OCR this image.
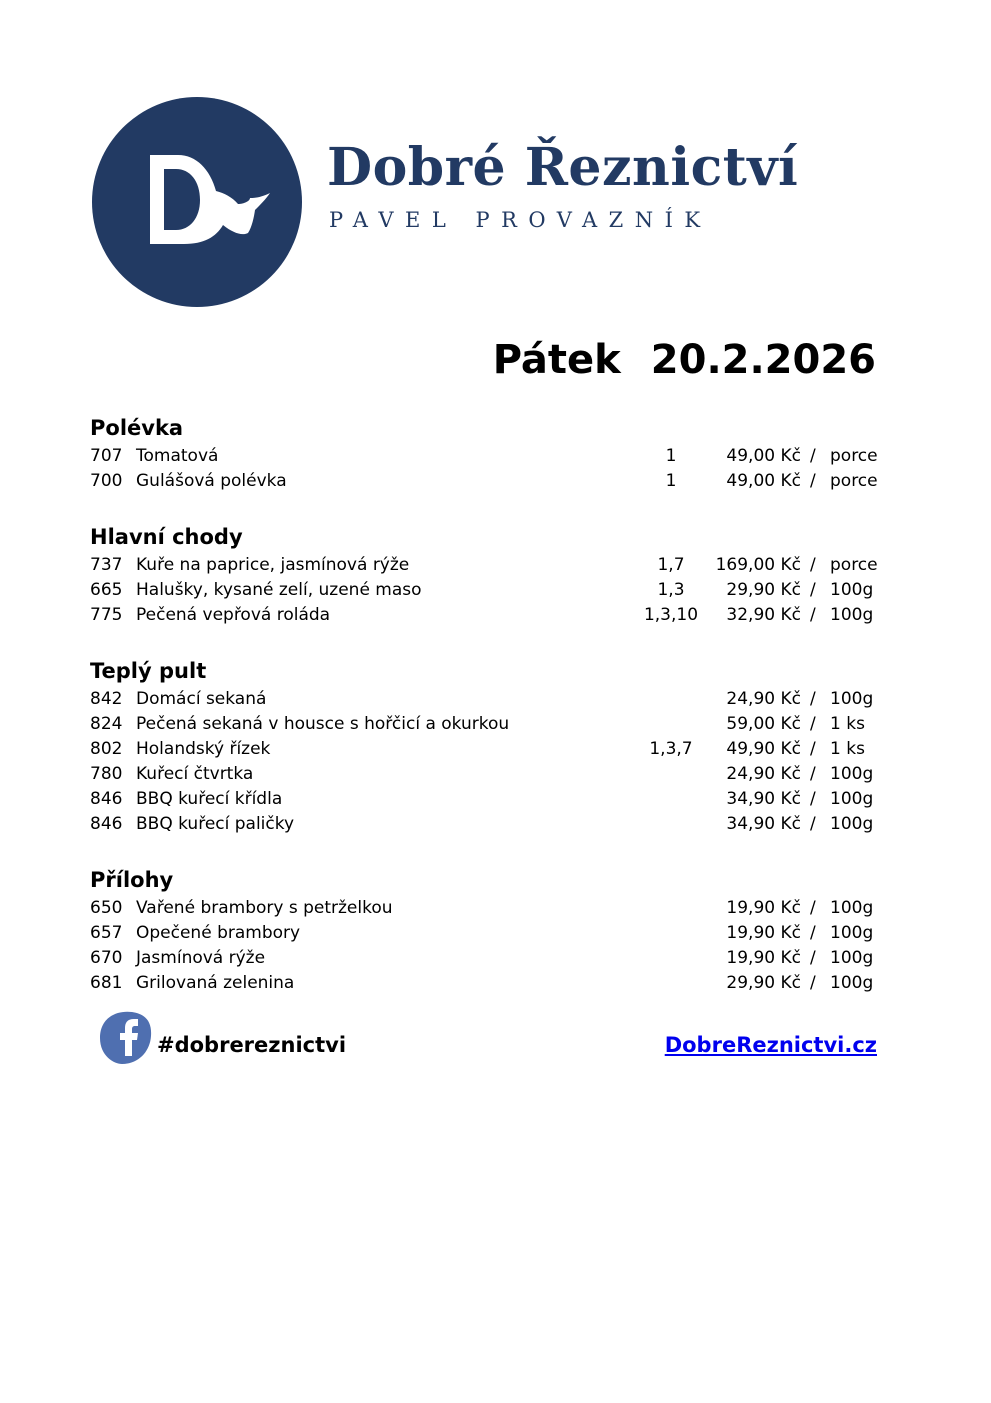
Dobré Řeznictví
PAVEL PROVAZNÍK
Pátek 20.2.2026
Polévka
707 Tomatová	1	49,00 Kč / porce
700 Gulášová polévka	1	49,00 Kč / porce
Hlavní chody
737 Kuře na paprice, jasmínová rýže	1,7	169,00 Kč / porce
665 Halušky, kysané zelí, uzené maso	1,3	29,90 Kč / 100g
775 Pečená vepřová roláda	1,3,10	32,90 Kč / 100g
Teplý pult
842 Domácí sekaná	24,90 Kč / 100g
824 Pečená sekaná v housce s hořčicí a okurkou	59,00 Kč / 1 ks
802 Holandský řízek	1,3,7	49,90 Kč / 1 ks
780 Kuřecí čtvrtka	24,90 Kč / 100g
846 BBQ kuřecí křídla	34,90 Kč / 100g
846 BBQ kuřecí paličky	34,90 Kč / 100g
Přílohy
650 Vařené brambory s petrželkou	19,90 Kč / 100g
657 Opečené brambory	19,90 Kč / 100g
670 Jasmínová rýže	19,90 Kč / 100g
681 Grilovaná zelenina	29,90 Kč / 100g
#dobrereznictvi	DobreReznictvi.cz
